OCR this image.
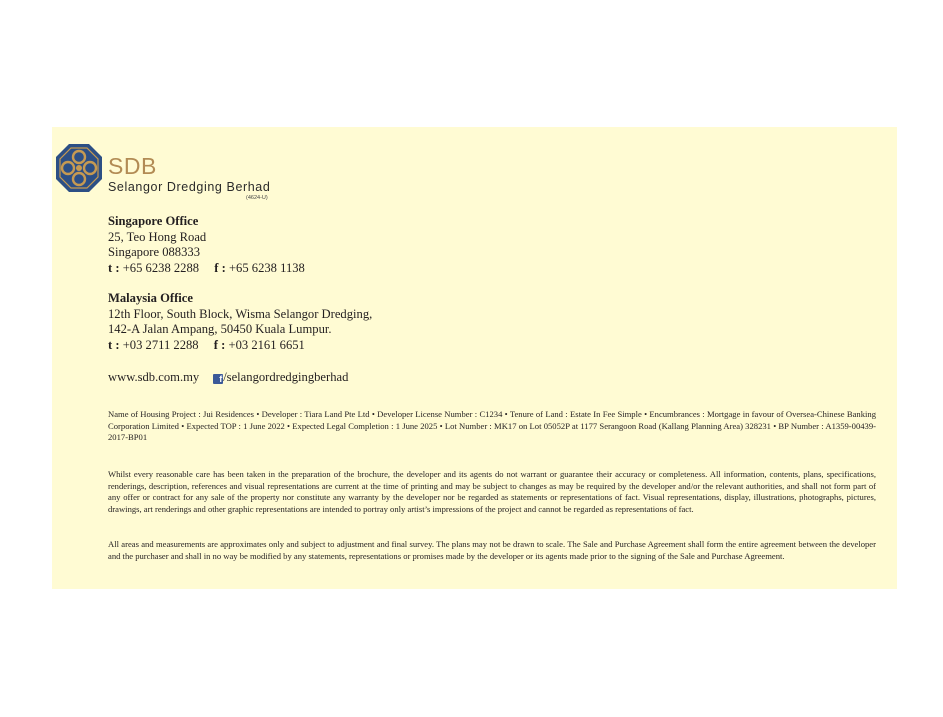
SDB
Selangor Dredging Berhad
(4624-U)
Singapore Office
25, Teo Hong Road
Singapore 088333
t : +65 6238 2288 f : +65 6238 1138
Malaysia Office
12th Floor, South Block, Wisma Selangor Dredging,
142-A Jalan Ampang, 50450 Kuala Lumpur.
t : +03 2711 2288 f : +03 2161 6651
www.sdb.com.my f/selangordredgingberhad
Name of Housing Project : Jui Residences • Developer : Tiara Land Pte Ltd • Developer License Number : C1234 • Tenure of Land : Estate In Fee Simple • Encumbrances : Mortgage in favour of Oversea-Chinese Banking Corporation Limited • Expected TOP : 1 June 2022 • Expected Legal Completion : 1 June 2025 • Lot Number : MK17 on Lot 05052P at 1177 Serangoon Road (Kallang Planning Area) 328231 • BP Number : A1359-00439-2017-BP01
Whilst every reasonable care has been taken in the preparation of the brochure, the developer and its agents do not warrant or guarantee their accuracy or completeness. All information, contents, plans, specifications, renderings, description, references and visual representations are current at the time of printing and may be subject to changes as may be required by the developer and/or the relevant authorities, and shall not form part of any offer or contract for any sale of the property nor constitute any warranty by the developer nor be regarded as statements or representations of fact. Visual representations, display, illustrations, photographs, pictures, drawings, art renderings and other graphic representations are intended to portray only artist’s impressions of the project and cannot be regarded as representations of fact.
All areas and measurements are approximates only and subject to adjustment and final survey. The plans may not be drawn to scale. The Sale and Purchase Agreement shall form the entire agreement between the developer and the purchaser and shall in no way be modified by any statements, representations or promises made by the developer or its agents made prior to the signing of the Sale and Purchase Agreement.
